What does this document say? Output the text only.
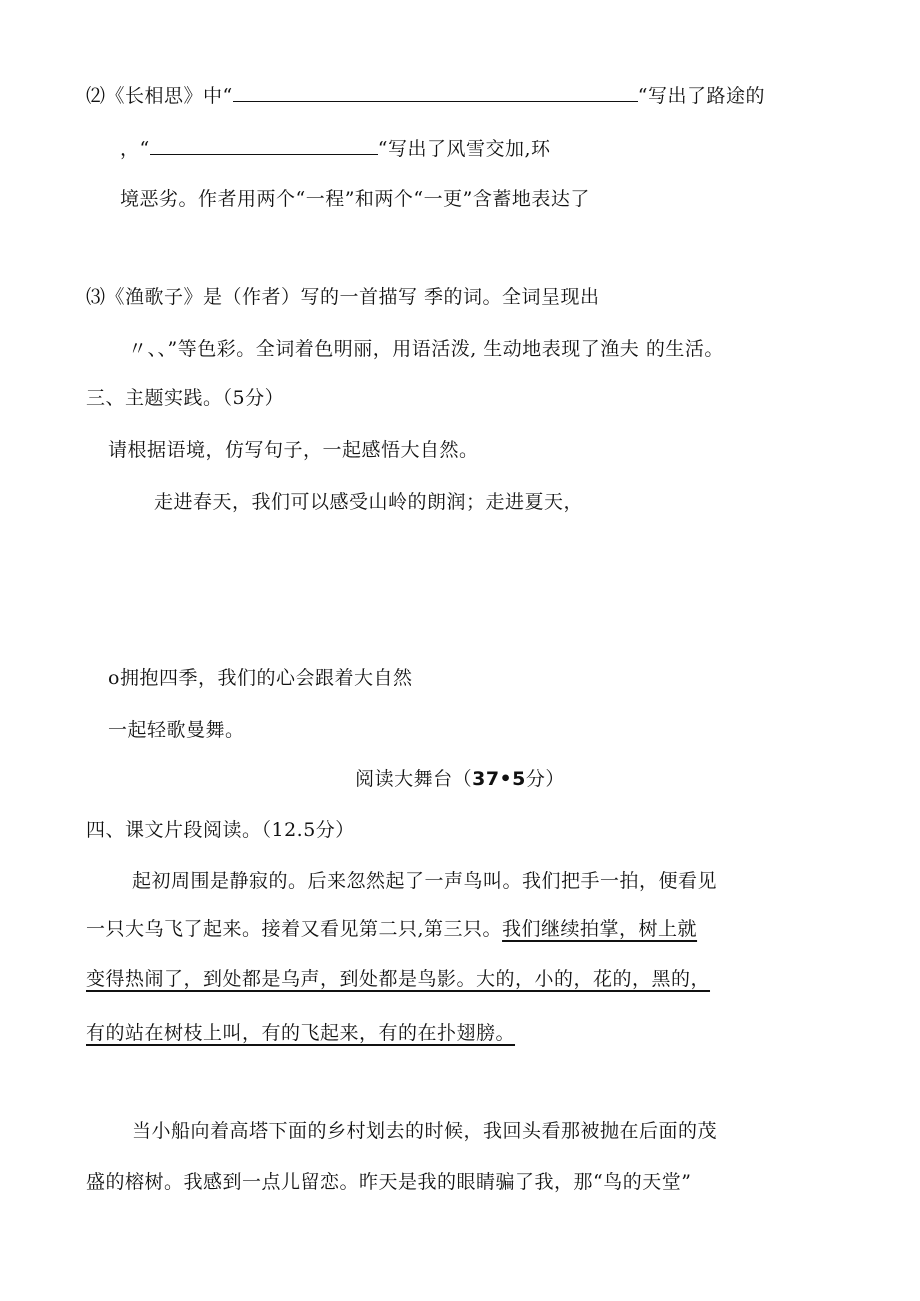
⑵《长相思》中“	“写出了路途的
，“	“写出了风雪交加,环
境恶劣。作者用两个“一程”和两个“一更”含蓄地表达了
⑶《渔歌子》是（作者）写的一首描写 季的词。全词呈现出
〃、、”等色彩。全词着色明丽，用语活泼, 生动地表现了渔夫 的生活。
三、主题实践。（5分）
请根据语境，仿写句子，一起感悟大自然。
走进春天，我们可以感受山岭的朗润；走进夏天，
o拥抱四季，我们的心会跟着大自然
一起轻歌曼舞。
阅读大舞台（37•5分）
四、课文片段阅读。（12.5分）
起初周围是静寂的。后来忽然起了一声鸟叫。我们把手一拍，便看见
一只大乌飞了起来。接着又看见第二只,第三只。我们继续拍掌，树上就
变得热闹了，到处都是乌声，到处都是鸟影。大的，小的，花的，黑的，
有的站在树枝上叫，有的飞起来，有的在扑翅膀。
当小船向着高塔下面的乡村划去的时候，我回头看那被抛在后面的茂
盛的榕树。我感到一点儿留恋。昨天是我的眼睛骗了我，那“鸟的天堂”
